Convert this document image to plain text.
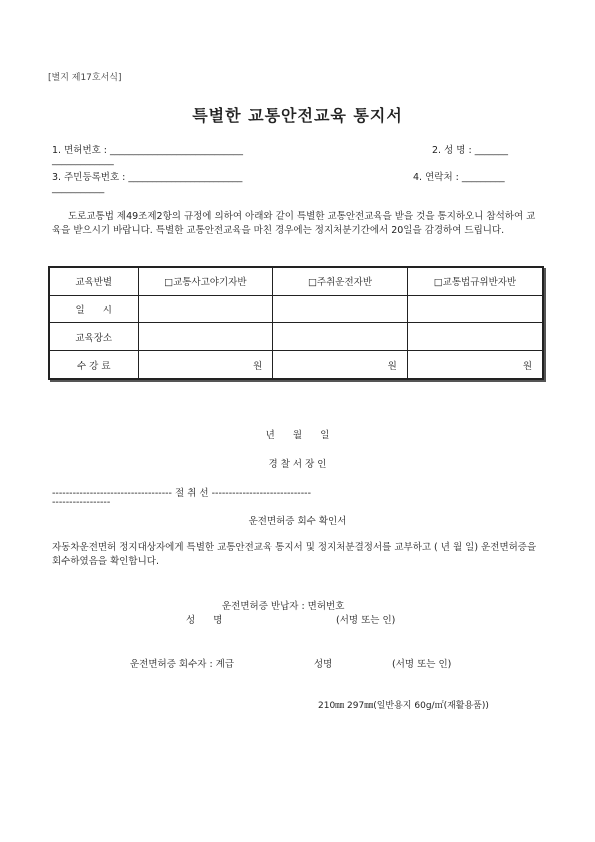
[별지 제17호서식]
특별한 교통안전교육 통지서
1. 면허번호 : ____________________________	2. 성 명 : _______
_____________
3. 주민등록번호 : ________________________	4. 연락처 : _________
___________
도로교통법 제49조제2항의 규정에 의하여 아래와 같이 특별한 교통안전교육을 받을 것을 통지하오니 참석하여 교육을 받으시기 바랍니다. 특별한 교통안전교육을 마친 경우에는 정지처분기간에서 20일을 감경하여 드립니다.
교육반별	□교통사고야기자반	□주취운전자반	□교통법규위반자반
일      시			
교육장소			
수 강 료	원	원	원
년      월      일
경 찰 서 장 인
----------------------------------- 절 취 선 -----------------------------
-----------------
운전면허증 회수 확인서
자동차운전면허 정지대상자에게 특별한 교통안전교육 통지서 및 정지처분결정서를 교부하고 ( 년 월 일) 운전면허증을 회수하였음을 확인합니다.
운전면허증 반납자 : 면허번호
성      명	(서명 또는 인)
운전면허증 회수자 : 계급	성명	(서명 또는 인)
210㎜ 297㎜(일반용지 60g/㎡(재활용품))
